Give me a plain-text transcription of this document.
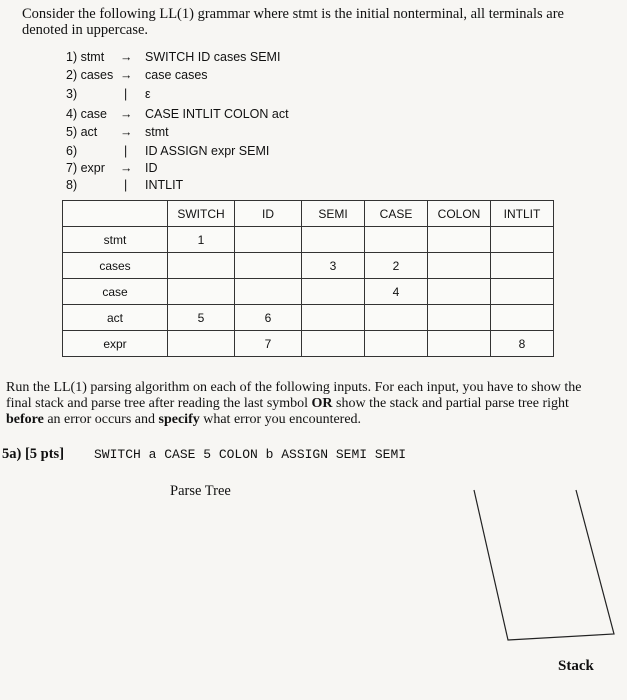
Consider the following LL(1) grammar where stmt is the initial nonterminal, all terminals are denoted in uppercase.
1) stmt → SWITCH ID cases SEMI
2) cases → case cases
3)	| ε
4) case → CASE INTLIT COLON act
5) act → stmt
6)	| ID ASSIGN expr SEMI
7) expr → ID
8)	| INTLIT
	SWITCH	ID	SEMI	CASE	COLON	INTLIT
stmt	1					
cases			3	2		
case				4		
act	5	6				
expr		7				8
Run the LL(1) parsing algorithm on each of the following inputs. For each input, you have to show the final stack and parse tree after reading the last symbol OR show the stack and partial parse tree right before an error occurs and specify what error you encountered.
5a) [5 pts] SWITCH a CASE 5 COLON b ASSIGN SEMI SEMI
Parse Tree
Stack
